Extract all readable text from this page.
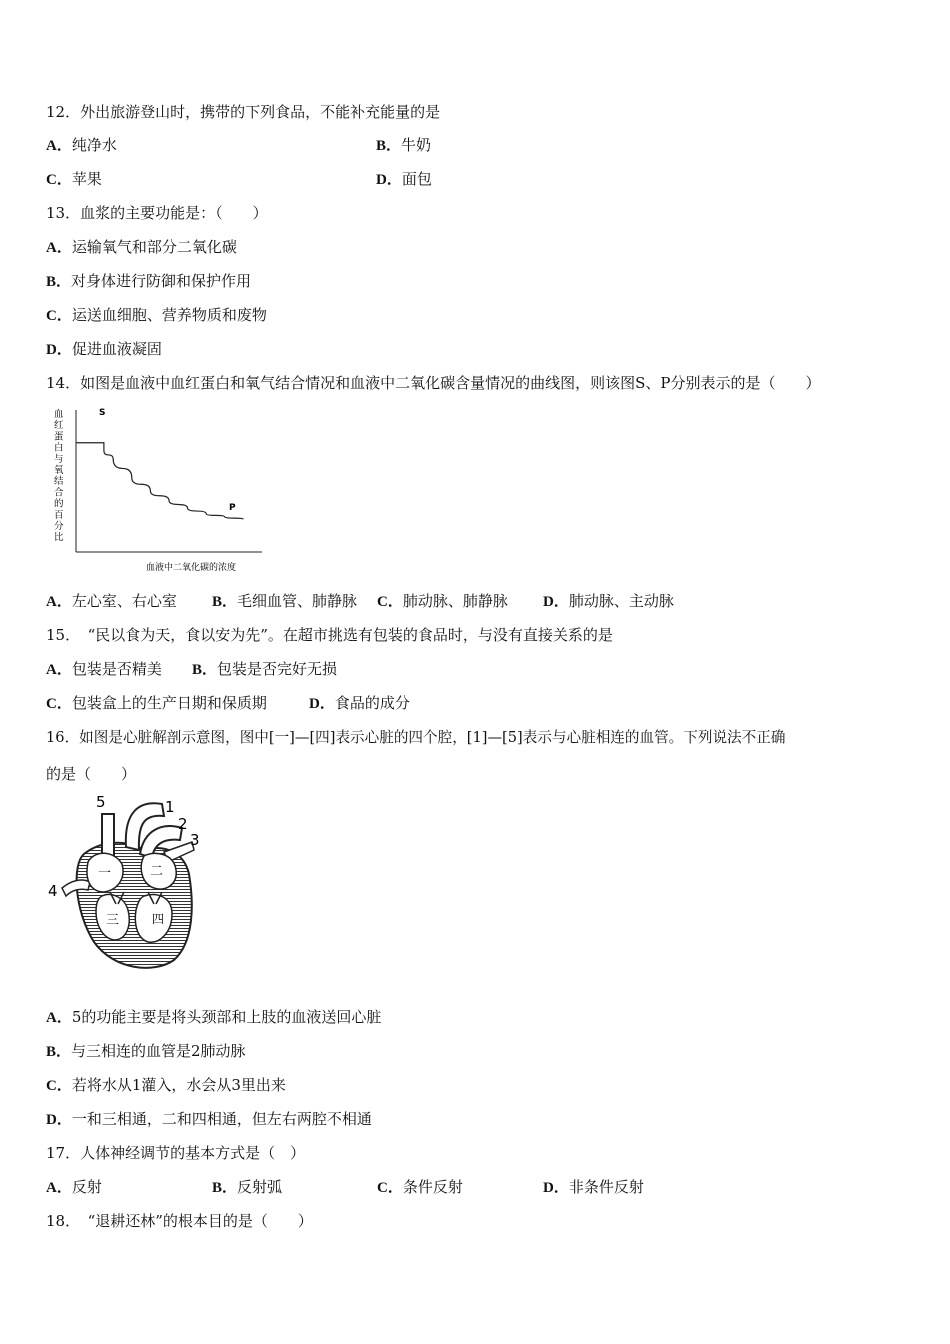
12．外出旅游登山时，携带的下列食品，不能补充能量的是
A．纯净水	B．牛奶
C．苹果	D．面包
13．血浆的主要功能是：（　　）
A．运输氧气和部分二氧化碳
B．对身体进行防御和保护作用
C．运送血细胞、营养物质和废物
D．促进血液凝固
14．如图是血液中血红蛋白和氧气结合情况和血液中二氧化碳含量情况的曲线图，则该图S、P分别表示的是（　　）
血
红
蛋
白
与
氧
结
合
的
百
分
比
S
P
血液中二氧化碳的浓度
A．左心室、右心室 B．毛细血管、肺静脉 C．肺动脉、肺静脉 D．肺动脉、主动脉
15．　“民以食为天，食以安为先”。在超市挑选有包装的食品时，与没有直接关系的是
A．包装是否精美 B．包装是否完好无损
C．包装盒上的生产日期和保质期	D．食品的成分
16．如图是心脏解剖示意图，图中[一]—[四]表示心脏的四个腔，[1]—[5]表示与心脏相连的血管。下列说法不正确
的是（　　）
1
2
3
4
5
一	二
三	四
A．5的功能主要是将头颈部和上肢的血液送回心脏
B．与三相连的血管是2肺动脉
C．若将水从1灌入，水会从3里出来
D．一和三相通，二和四相通，但左右两腔不相通
17．人体神经调节的基本方式是（　）
A．反射	B．反射弧	C．条件反射	D．非条件反射
18．　“退耕还林”的根本目的是（　　）
